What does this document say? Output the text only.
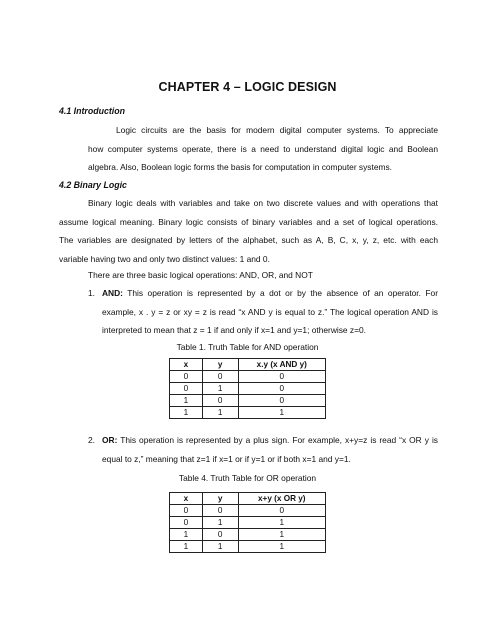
CHAPTER 4 – LOGIC DESIGN
4.1 Introduction
Logic circuits are the basis for modern digital computer systems. To appreciate
how computer systems operate, there is a need to understand digital logic and Boolean
algebra. Also, Boolean logic forms the basis for computation in computer systems.
4.2 Binary Logic
Binary logic deals with variables and take on two discrete values and with operations that
assume logical meaning. Binary logic consists of binary variables and a set of logical operations.
The variables are designated by letters of the alphabet, such as A, B, C, x, y, z, etc. with each
variable having two and only two distinct values: 1 and 0.
There are three basic logical operations: AND, OR, and NOT
1. AND: This operation is represented by a dot or by the absence of an operator. For
example, x . y = z or xy = z is read “x AND y is equal to z.” The logical operation AND is
interpreted to mean that z = 1 if and only if x=1 and y=1; otherwise z=0.
Table 1. Truth Table for AND operation
x	y	x.y (x AND y)
0	0	0
0	1	0
1	0	0
1	1	1
2. OR: This operation is represented by a plus sign. For example, x+y=z is read “x OR y is
equal to z,” meaning that z=1 if x=1 or if y=1 or if both x=1 and y=1.
Table 4. Truth Table for OR operation
x	y	x+y (x OR y)
0	0	0
0	1	1
1	0	1
1	1	1
